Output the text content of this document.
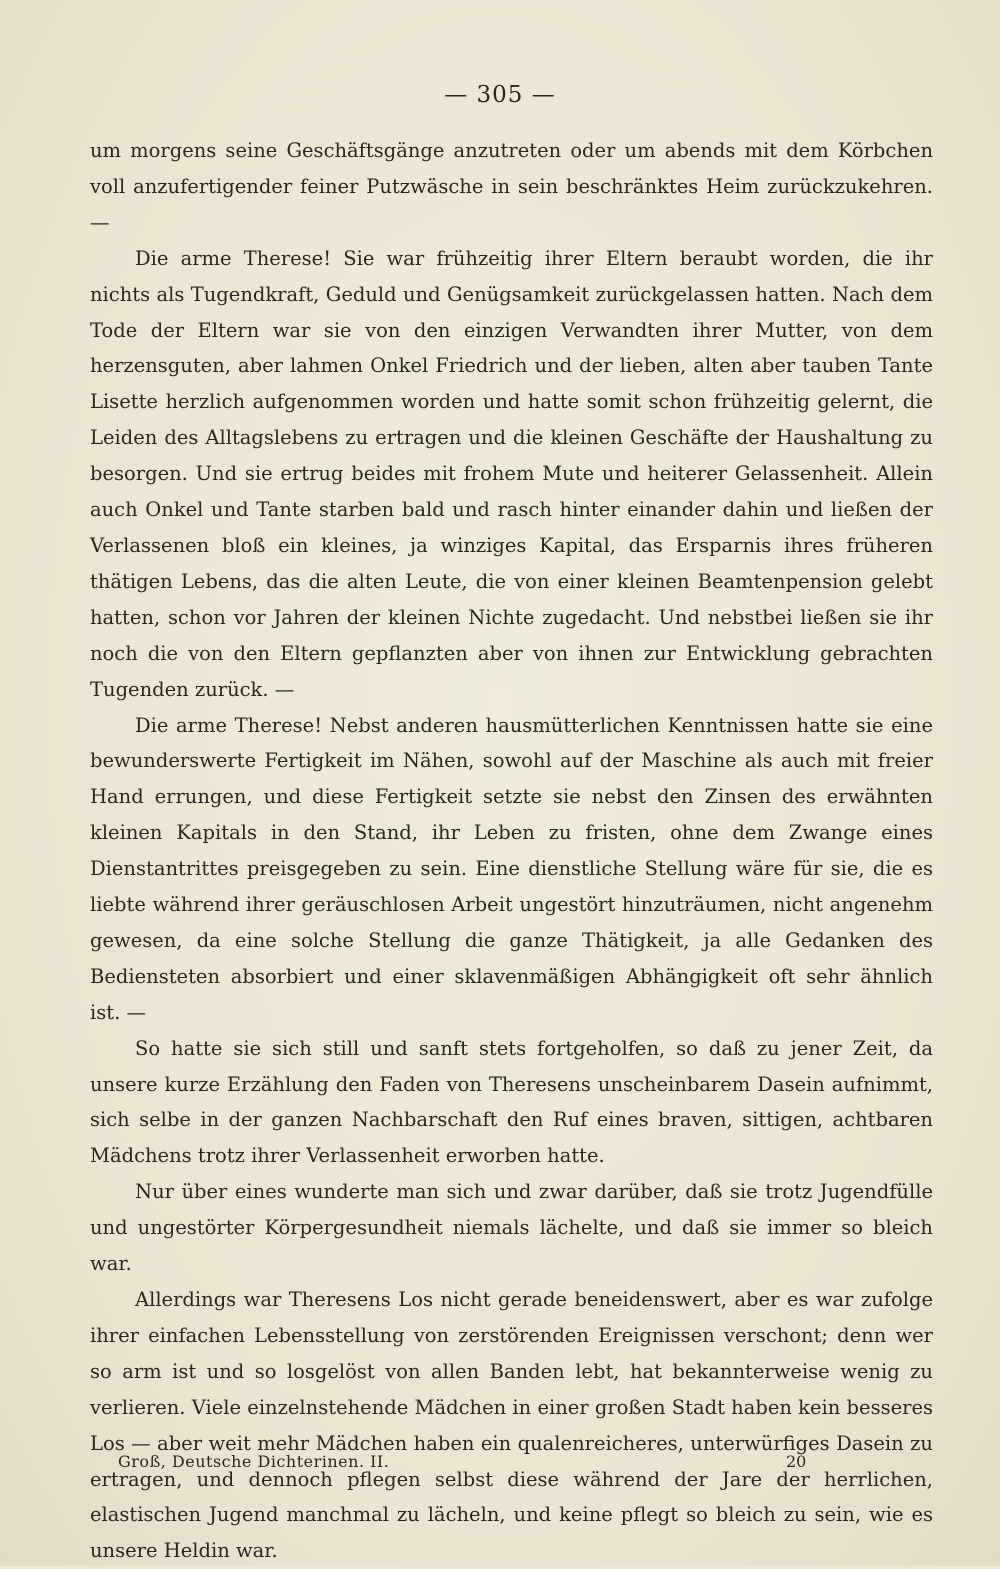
— 305 —

um morgens seine Geschäftsgänge anzutreten oder um abends mit dem Körbchen voll anzufertigender feiner Putzwäsche in sein beschränktes Heim zurückzukehren. —

Die arme Therese! Sie war frühzeitig ihrer Eltern beraubt worden, die ihr nichts als Tugendkraft, Geduld und Genügsamkeit zurückgelassen hatten. Nach dem Tode der Eltern war sie von den einzigen Verwandten ihrer Mutter, von dem herzensguten, aber lahmen Onkel Friedrich und der lieben, alten aber tauben Tante Lisette herzlich aufgenommen worden und hatte somit schon frühzeitig gelernt, die Leiden des Alltagslebens zu ertragen und die kleinen Geschäfte der Haushaltung zu besorgen. Und sie ertrug beides mit frohem Mute und heiterer Gelassenheit. Allein auch Onkel und Tante starben bald und rasch hinter einander dahin und ließen der Verlassenen bloß ein kleines, ja winziges Kapital, das Ersparnis ihres früheren thätigen Lebens, das die alten Leute, die von einer kleinen Beamtenpension gelebt hatten, schon vor Jahren der kleinen Nichte zugedacht. Und nebstbei ließen sie ihr noch die von den Eltern gepflanzten aber von ihnen zur Entwicklung gebrachten Tugenden zurück. —

Die arme Therese! Nebst anderen hausmütterlichen Kenntnissen hatte sie eine bewunderswerte Fertigkeit im Nähen, sowohl auf der Maschine als auch mit freier Hand errungen, und diese Fertigkeit setzte sie nebst den Zinsen des erwähnten kleinen Kapitals in den Stand, ihr Leben zu fristen, ohne dem Zwange eines Dienstantrittes preisgegeben zu sein. Eine dienstliche Stellung wäre für sie, die es liebte während ihrer geräuschlosen Arbeit ungestört hinzuträumen, nicht angenehm gewesen, da eine solche Stellung die ganze Thätigkeit, ja alle Gedanken des Bediensteten absorbiert und einer sklavenmäßigen Abhängigkeit oft sehr ähnlich ist. —

So hatte sie sich still und sanft stets fortgeholfen, so daß zu jener Zeit, da unsere kurze Erzählung den Faden von Theresens unscheinbarem Dasein aufnimmt, sich selbe in der ganzen Nachbarschaft den Ruf eines braven, sittigen, achtbaren Mädchens trotz ihrer Verlassenheit erworben hatte.

Nur über eines wunderte man sich und zwar darüber, daß sie trotz Jugendfülle und ungestörter Körpergesundheit niemals lächelte, und daß sie immer so bleich war.

Allerdings war Theresens Los nicht gerade beneidenswert, aber es war zufolge ihrer einfachen Lebensstellung von zerstörenden Ereignissen verschont; denn wer so arm ist und so losgelöst von allen Banden lebt, hat bekannterweise wenig zu verlieren. Viele einzelnstehende Mädchen in einer großen Stadt haben kein besseres Los — aber weit mehr Mädchen haben ein qualenreicheres, unterwürfiges Dasein zu ertragen, und dennoch pflegen selbst diese während der Jare der herrlichen, elastischen Jugend manchmal zu lächeln, und keine pflegt so bleich zu sein, wie es unsere Heldin war.

Groß, Deutsche Dichterinen. II.	20
